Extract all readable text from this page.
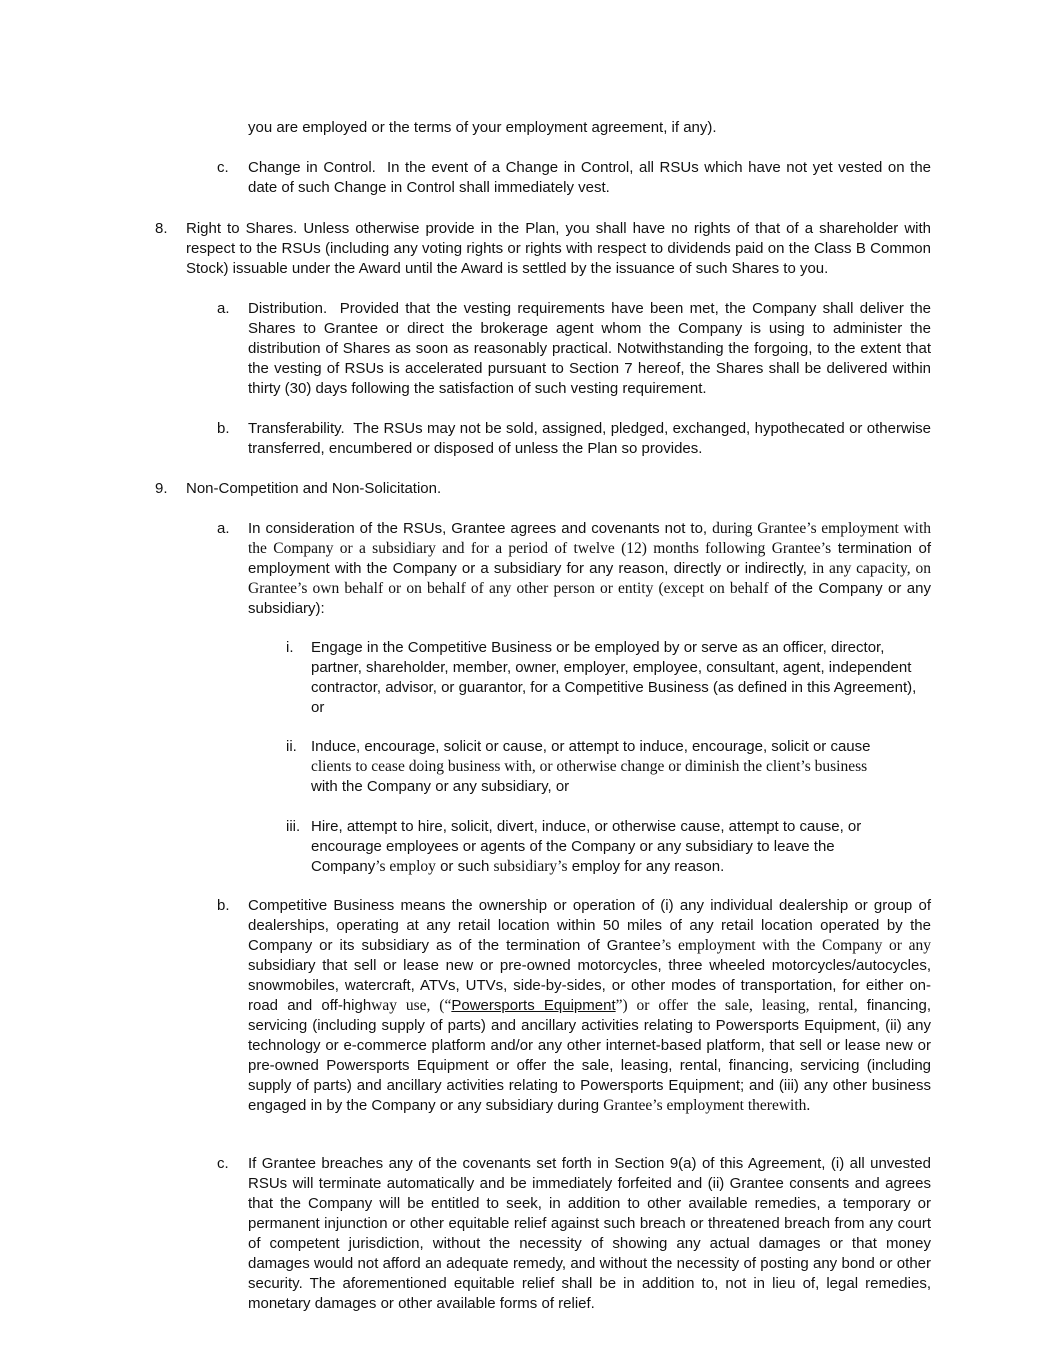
you are employed or the terms of your employment agreement, if any).

c. Change in Control. In the event of a Change in Control, all RSUs which have not yet vested on the date of such Change in Control shall immediately vest.

8. Right to Shares. Unless otherwise provide in the Plan, you shall have no rights of that of a shareholder with respect to the RSUs (including any voting rights or rights with respect to dividends paid on the Class B Common Stock) issuable under the Award until the Award is settled by the issuance of such Shares to you.

a. Distribution. Provided that the vesting requirements have been met, the Company shall deliver the Shares to Grantee or direct the brokerage agent whom the Company is using to administer the distribution of Shares as soon as reasonably practical. Notwithstanding the forgoing, to the extent that the vesting of RSUs is accelerated pursuant to Section 7 hereof, the Shares shall be delivered within thirty (30) days following the satisfaction of such vesting requirement.

b. Transferability. The RSUs may not be sold, assigned, pledged, exchanged, hypothecated or otherwise transferred, encumbered or disposed of unless the Plan so provides.

9. Non-Competition and Non-Solicitation.

a. In consideration of the RSUs, Grantee agrees and covenants not to, during Grantee’s employment with the Company or a subsidiary and for a period of twelve (12) months following Grantee’s termination of employment with the Company or a subsidiary for any reason, directly or indirectly, in any capacity, on Grantee’s own behalf or on behalf of any other person or entity (except on behalf of the Company or any subsidiary):

i. Engage in the Competitive Business or be employed by or serve as an officer, director, partner, shareholder, member, owner, employer, employee, consultant, agent, independent contractor, advisor, or guarantor, for a Competitive Business (as defined in this Agreement), or

ii. Induce, encourage, solicit or cause, or attempt to induce, encourage, solicit or cause
clients to cease doing business with, or otherwise change or diminish the client’s business
with the Company or any subsidiary, or

iii. Hire, attempt to hire, solicit, divert, induce, or otherwise cause, attempt to cause, or encourage employees or agents of the Company or any subsidiary to leave the Company’s employ or such subsidiary’s employ for any reason.

b. Competitive Business means the ownership or operation of (i) any individual dealership or group of dealerships, operating at any retail location within 50 miles of any retail location operated by the Company or its subsidiary as of the termination of Grantee’s employment with the Company or any subsidiary that sell or lease new or pre-owned motorcycles, three wheeled motorcycles/autocycles, snowmobiles, watercraft, ATVs, UTVs, side-by-sides, or other modes of transportation, for either on-road and off-highway use, (“Powersports Equipment”) or offer the sale, leasing, rental, financing, servicing (including supply of parts) and ancillary activities relating to Powersports Equipment, (ii) any technology or e-commerce platform and/or any other internet-based platform, that sell or lease new or pre-owned Powersports Equipment or offer the sale, leasing, rental, financing, servicing (including supply of parts) and ancillary activities relating to Powersports Equipment; and (iii) any other business engaged in by the Company or any subsidiary during Grantee’s employment therewith.

c. If Grantee breaches any of the covenants set forth in Section 9(a) of this Agreement, (i) all unvested RSUs will terminate automatically and be immediately forfeited and (ii) Grantee consents and agrees that the Company will be entitled to seek, in addition to other available remedies, a temporary or permanent injunction or other equitable relief against such breach or threatened breach from any court of competent jurisdiction, without the necessity of showing any actual damages or that money damages would not afford an adequate remedy, and without the necessity of posting any bond or other security. The aforementioned equitable relief shall be in addition to, not in lieu of, legal remedies, monetary damages or other available forms of relief.
